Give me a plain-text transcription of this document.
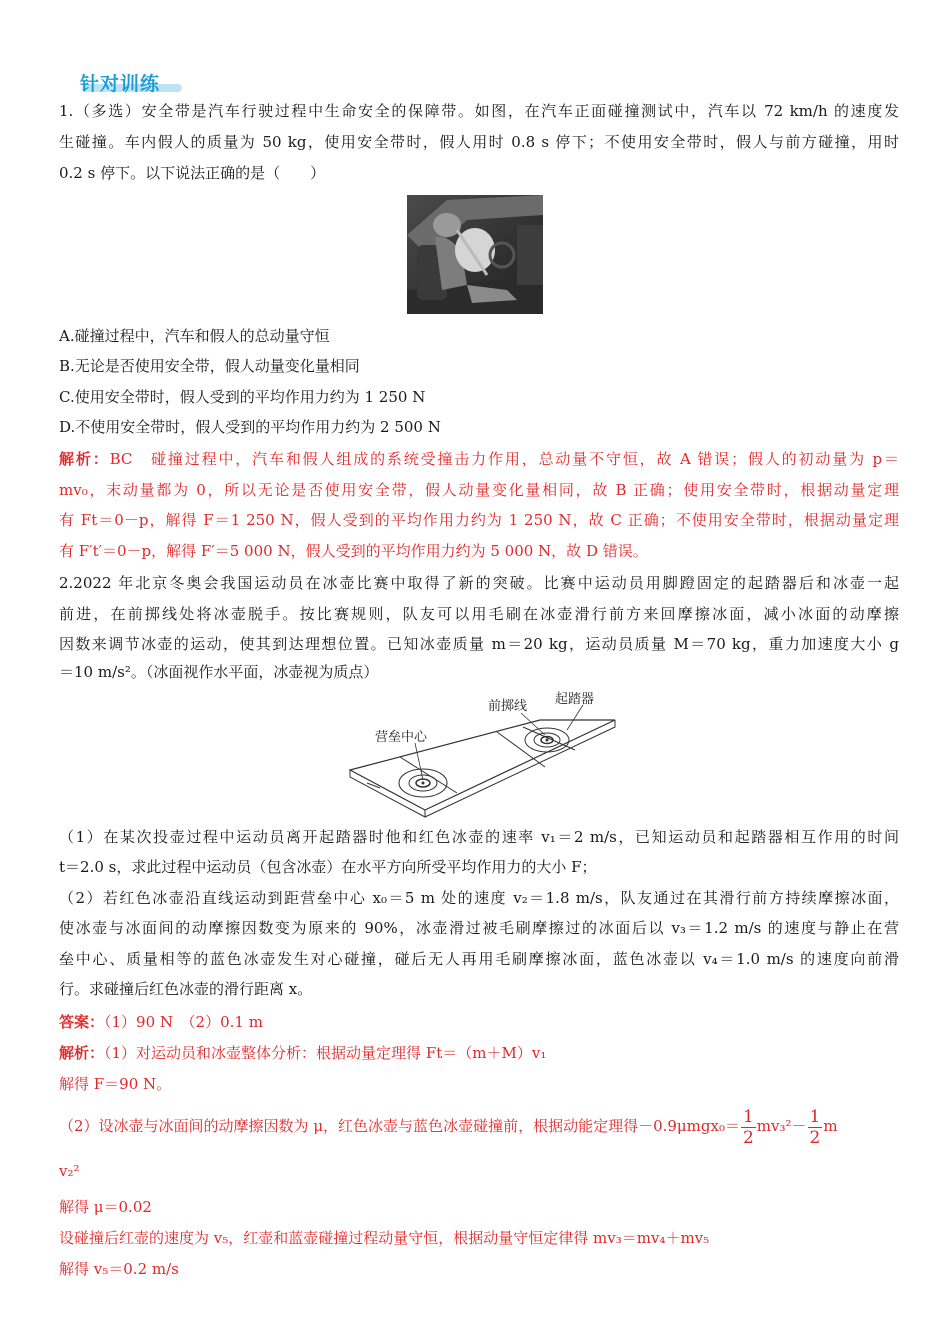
针对训练
1.（多选）安全带是汽车行驶过程中生命安全的保障带。如图，在汽车正面碰撞测试中，汽车以 72 km/h 的速度发
生碰撞。车内假人的质量为 50 kg，使用安全带时，假人用时 0.8 s 停下；不使用安全带时，假人与前方碰撞，用时
0.2 s 停下。以下说法正确的是（　　）
A.碰撞过程中，汽车和假人的总动量守恒
B.无论是否使用安全带，假人动量变化量相同
C.使用安全带时，假人受到的平均作用力约为 1 250 N
D.不使用安全带时，假人受到的平均作用力约为 2 500 N
解析：BC　碰撞过程中，汽车和假人组成的系统受撞击力作用，总动量不守恒，故 A 错误；假人的初动量为 p＝
mv₀，末动量都为 0，所以无论是否使用安全带，假人动量变化量相同，故 B 正确；使用安全带时，根据动量定理
有 Ft＝0－p，解得 F＝1 250 N，假人受到的平均作用力约为 1 250 N，故 C 正确；不使用安全带时，根据动量定理
有 F′t′＝0－p，解得 F′＝5 000 N，假人受到的平均作用力约为 5 000 N，故 D 错误。
2.2022 年北京冬奥会我国运动员在冰壶比赛中取得了新的突破。比赛中运动员用脚蹬固定的起踏器后和冰壶一起
前进，在前掷线处将冰壶脱手。按比赛规则，队友可以用毛刷在冰壶滑行前方来回摩擦冰面，减小冰面的动摩擦
因数来调节冰壶的运动，使其到达理想位置。已知冰壶质量 m＝20 kg，运动员质量 M＝70 kg，重力加速度大小 g
＝10 m/s²。（冰面视作水平面，冰壶视为质点）
前掷线 起踏器
营垒中心
（1）在某次投壶过程中运动员离开起踏器时他和红色冰壶的速率 v₁＝2 m/s，已知运动员和起踏器相互作用的时间
t＝2.0 s，求此过程中运动员（包含冰壶）在水平方向所受平均作用力的大小 F；
（2）若红色冰壶沿直线运动到距营垒中心 x₀＝5 m 处的速度 v₂＝1.8 m/s，队友通过在其滑行前方持续摩擦冰面，
使冰壶与冰面间的动摩擦因数变为原来的 90%，冰壶滑过被毛刷摩擦过的冰面后以 v₃＝1.2 m/s 的速度与静止在营
垒中心、质量相等的蓝色冰壶发生对心碰撞，碰后无人再用毛刷摩擦冰面，蓝色冰壶以 v₄＝1.0 m/s 的速度向前滑
行。求碰撞后红色冰壶的滑行距离 x。
答案：（1）90 N　（2）0.1 m
解析：（1）对运动员和冰壶整体分析：根据动量定理得 Ft＝（m＋M）v₁
解得 F＝90 N。
（2）设冰壶与冰面间的动摩擦因数为 μ，红色冰壶与蓝色冰壶碰撞前，根据动能定理得$-0.9\mu mgx_0= \frac{1}{2} mv_3^2- \frac{1}{2}$ m
v₂²
解得 μ＝0.02
设碰撞后红壶的速度为 v₅，红壶和蓝壶碰撞过程动量守恒，根据动量守恒定律得 mv₃＝mv₄＋mv₅
解得 v₅＝0.2 m/s
